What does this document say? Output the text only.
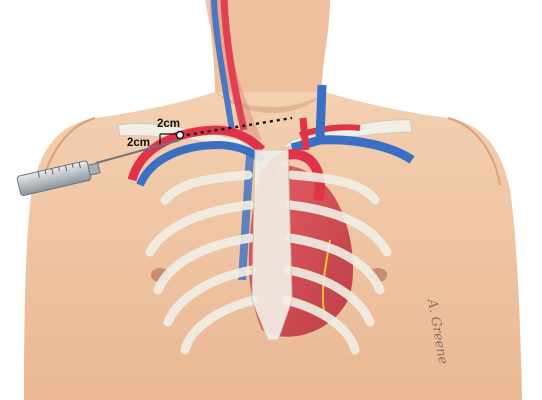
2cm
2cm
A. Greene
